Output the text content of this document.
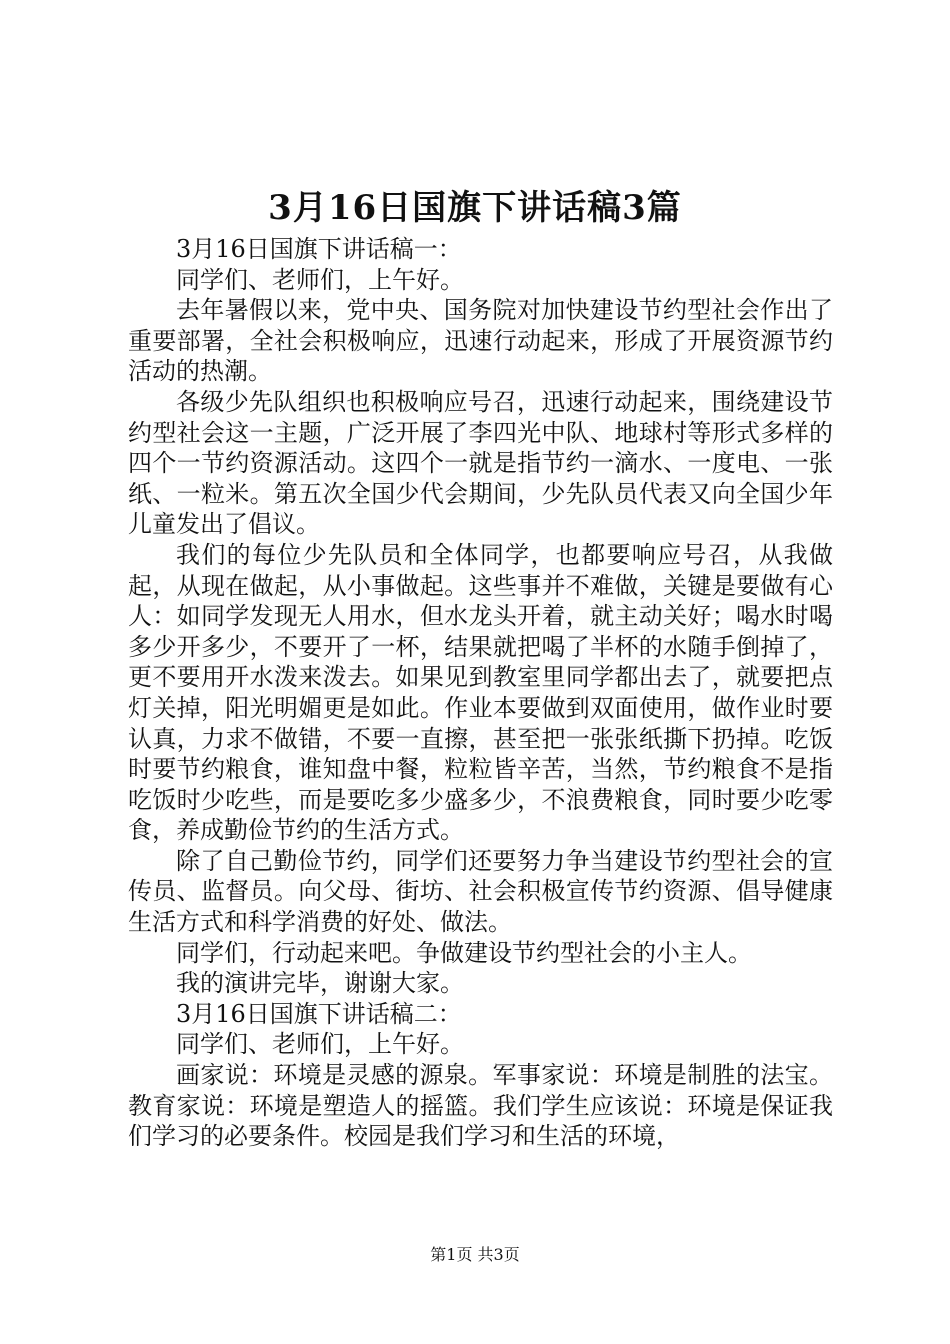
3月16日国旗下讲话稿3篇

3月16日国旗下讲话稿一：

同学们、老师们，上午好。

去年暑假以来，党中央、国务院对加快建设节约型社会作出了重要部署，全社会积极响应，迅速行动起来，形成了开展资源节约活动的热潮。

各级少先队组织也积极响应号召，迅速行动起来，围绕建设节约型社会这一主题，广泛开展了李四光中队、地球村等形式多样的四个一节约资源活动。这四个一就是指节约一滴水、一度电、一张纸、一粒米。第五次全国少代会期间，少先队员代表又向全国少年儿童发出了倡议。

我们的每位少先队员和全体同学，也都要响应号召，从我做起，从现在做起，从小事做起。这些事并不难做，关键是要做有心人：如同学发现无人用水，但水龙头开着，就主动关好；喝水时喝多少开多少，不要开了一杯，结果就把喝了半杯的水随手倒掉了，更不要用开水泼来泼去。如果见到教室里同学都出去了，就要把点灯关掉，阳光明媚更是如此。作业本要做到双面使用，做作业时要认真，力求不做错，不要一直擦，甚至把一张张纸撕下扔掉。吃饭时要节约粮食，谁知盘中餐，粒粒皆辛苦，当然，节约粮食不是指吃饭时少吃些，而是要吃多少盛多少，不浪费粮食，同时要少吃零食，养成勤俭节约的生活方式。

除了自己勤俭节约，同学们还要努力争当建设节约型社会的宣传员、监督员。向父母、街坊、社会积极宣传节约资源、倡导健康生活方式和科学消费的好处、做法。

同学们，行动起来吧。争做建设节约型社会的小主人。

我的演讲完毕，谢谢大家。

3月16日国旗下讲话稿二：

同学们、老师们，上午好。

画家说：环境是灵感的源泉。军事家说：环境是制胜的法宝。教育家说：环境是塑造人的摇篮。我们学生应该说：环境是保证我们学习的必要条件。校园是我们学习和生活的环境，

第1页 共3页
